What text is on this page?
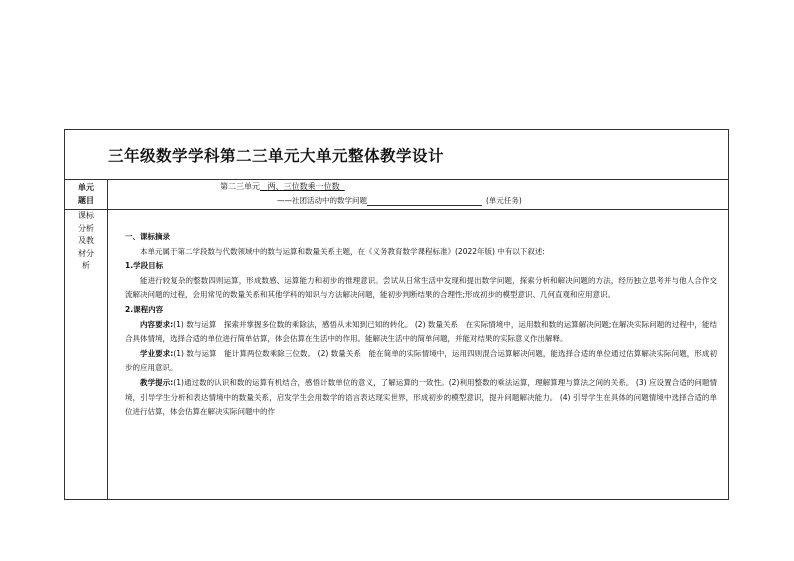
三年级数学学科第二三单元大单元整体教学设计
单元
题目
第二三单元 两、三位数乘一位数
——社团活动中的数学问题	(单元任务)
课标
分析
及教
材分
析

一、课标摘录

本单元属于第二学段数与代数领域中的数与运算和数量关系主题，在《义务教育数学课程标准》(2022年版) 中有以下叙述:

1.学段目标

能进行较复杂的整数四则运算，形成数感、运算能力和初步的推理意识。尝试从日常生活中发现和提出数学问题，探索分析和解决问题的方法，经历独立思考并与他人合作交流解决问题的过程，会用常见的数量关系和其他学科的知识与方法解决问题，能初步判断结果的合理性;形成初步的模型意识、几何直观和应用意识。

2.课程内容

内容要求:(1) 数与运算　探索并掌握多位数的乘除法，感悟从未知到已知的转化。 (2) 数量关系　在实际情境中，运用数和数的运算解决问题;在解决实际问题的过程中，能结合具体情境，选择合适的单位进行简单估算，体会估算在生活中的作用。能解决生活中的简单问题，并能对结果的实际意义作出解释。

学业要求:(1) 数与运算　能计算两位数乘除三位数。 (2) 数量关系　能在简单的实际情境中，运用四则混合运算解决问题，能选择合适的单位通过估算解决实际问题，形成初步的应用意识。

教学提示:(1)通过数的认识和数的运算有机结合，感悟计数单位的意义，了解运算的一致性。(2)利用整数的乘法运算，理解算理与算法之间的关系。 (3) 应设置合适的问题情境，引导学生分析和表达情境中的数量关系，启发学生会用数学的语言表达现实世界，形成初步的模型意识，提升问题解决能力。 (4) 引导学生在具体的问题情境中选择合适的单位进行估算，体会估算在解决实际问题中的作
